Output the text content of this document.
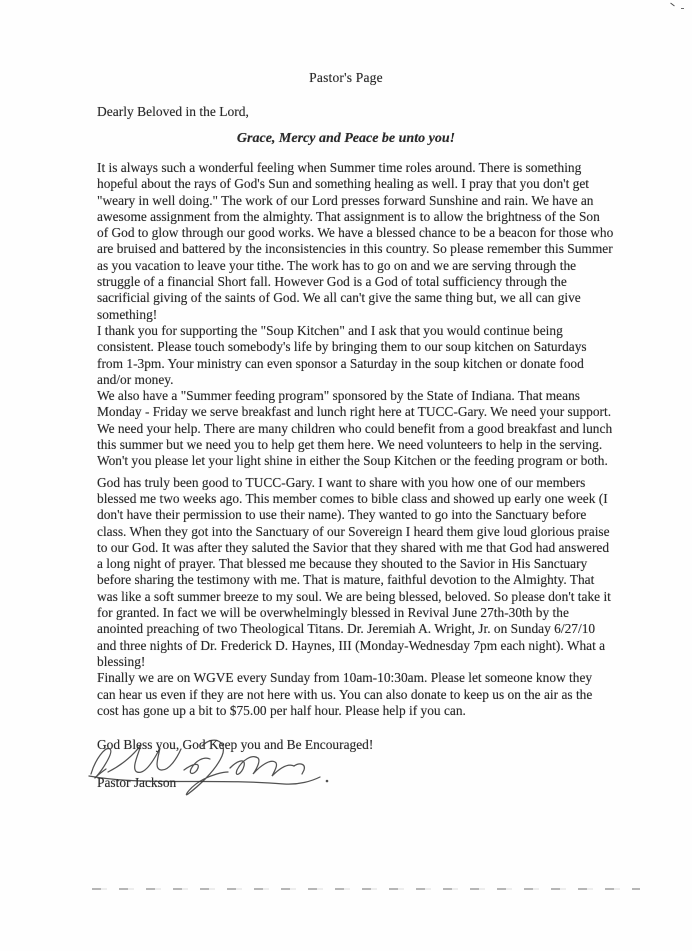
Pastor's Page
Dearly Beloved in the Lord,
Grace, Mercy and Peace be unto you!

It is always such a wonderful feeling when Summer time roles around. There is something hopeful about the rays of God's Sun and something healing as well. I pray that you don't get "weary in well doing." The work of our Lord presses forward Sunshine and rain. We have an awesome assignment from the almighty. That assignment is to allow the brightness of the Son of God to glow through our good works. We have a blessed chance to be a beacon for those who are bruised and battered by the inconsistencies in this country. So please remember this Summer as you vacation to leave your tithe. The work has to go on and we are serving through the struggle of a financial Short fall. However God is a God of total sufficiency through the sacrificial giving of the saints of God. We all can't give the same thing but, we all can give something!

I thank you for supporting the "Soup Kitchen" and I ask that you would continue being consistent. Please touch somebody's life by bringing them to our soup kitchen on Saturdays from 1-3pm. Your ministry can even sponsor a Saturday in the soup kitchen or donate food and/or money.

We also have a "Summer feeding program" sponsored by the State of Indiana. That means Monday - Friday we serve breakfast and lunch right here at TUCC-Gary. We need your support. We need your help. There are many children who could benefit from a good breakfast and lunch this summer but we need you to help get them here. We need volunteers to help in the serving. Won't you please let your light shine in either the Soup Kitchen or the feeding program or both.

God has truly been good to TUCC-Gary. I want to share with you how one of our members blessed me two weeks ago. This member comes to bible class and showed up early one week (I don't have their permission to use their name). They wanted to go into the Sanctuary before class. When they got into the Sanctuary of our Sovereign I heard them give loud glorious praise to our God. It was after they saluted the Savior that they shared with me that God had answered a long night of prayer. That blessed me because they shouted to the Savior in His Sanctuary before sharing the testimony with me. That is mature, faithful devotion to the Almighty. That was like a soft summer breeze to my soul. We are being blessed, beloved. So please don't take it for granted. In fact we will be overwhelmingly blessed in Revival June 27th-30th by the anointed preaching of two Theological Titans. Dr. Jeremiah A. Wright, Jr. on Sunday 6/27/10 and three nights of Dr. Frederick D. Haynes, III (Monday-Wednesday 7pm each night). What a blessing!

Finally we are on WGVE every Sunday from 10am-10:30am. Please let someone know they can hear us even if they are not here with us. You can also donate to keep us on the air as the cost has gone up a bit to $75.00 per half hour. Please help if you can.

God Bless you, God Keep you and Be Encouraged!
Pastor Jackson
